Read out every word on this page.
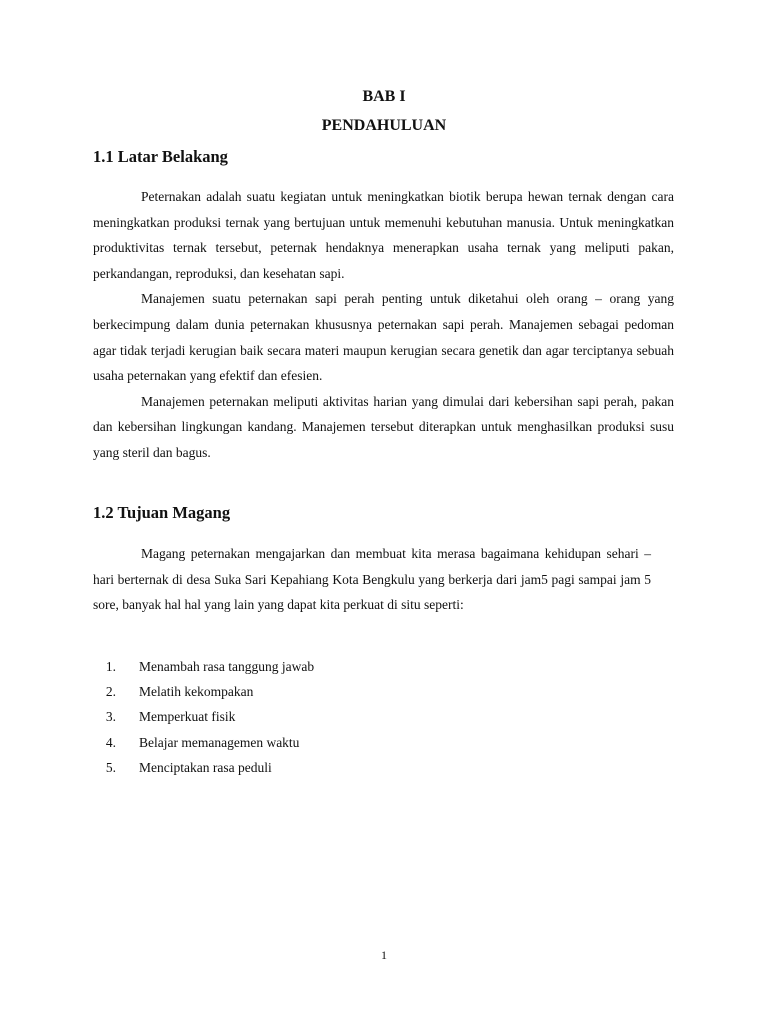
BAB I
PENDAHULUAN
1.1 Latar Belakang

Peternakan adalah suatu kegiatan untuk meningkatkan biotik berupa hewan ternak dengan cara meningkatkan produksi ternak yang bertujuan untuk memenuhi kebutuhan manusia. Untuk meningkatkan produktivitas ternak tersebut, peternak hendaknya menerapkan usaha ternak yang meliputi pakan, perkandangan, reproduksi, dan kesehatan sapi.

Manajemen suatu peternakan sapi perah penting untuk diketahui oleh orang – orang yang berkecimpung dalam dunia peternakan khususnya peternakan sapi perah. Manajemen sebagai pedoman agar tidak terjadi kerugian baik secara materi maupun kerugian secara genetik dan agar terciptanya sebuah usaha peternakan yang efektif dan efesien.

Manajemen peternakan meliputi aktivitas harian yang dimulai dari kebersihan sapi perah, pakan dan kebersihan lingkungan kandang. Manajemen tersebut diterapkan untuk menghasilkan produksi susu yang steril dan bagus.

1.2 Tujuan Magang

Magang peternakan mengajarkan dan membuat kita merasa bagaimana kehidupan sehari – hari berternak di desa Suka Sari Kepahiang Kota Bengkulu yang berkerja dari jam5 pagi sampai jam 5 sore, banyak hal hal yang lain yang dapat kita perkuat di situ seperti:

1. Menambah rasa tanggung jawab
2. Melatih kekompakan
3. Memperkuat fisik
4. Belajar memanagemen waktu
5. Menciptakan rasa peduli
1
